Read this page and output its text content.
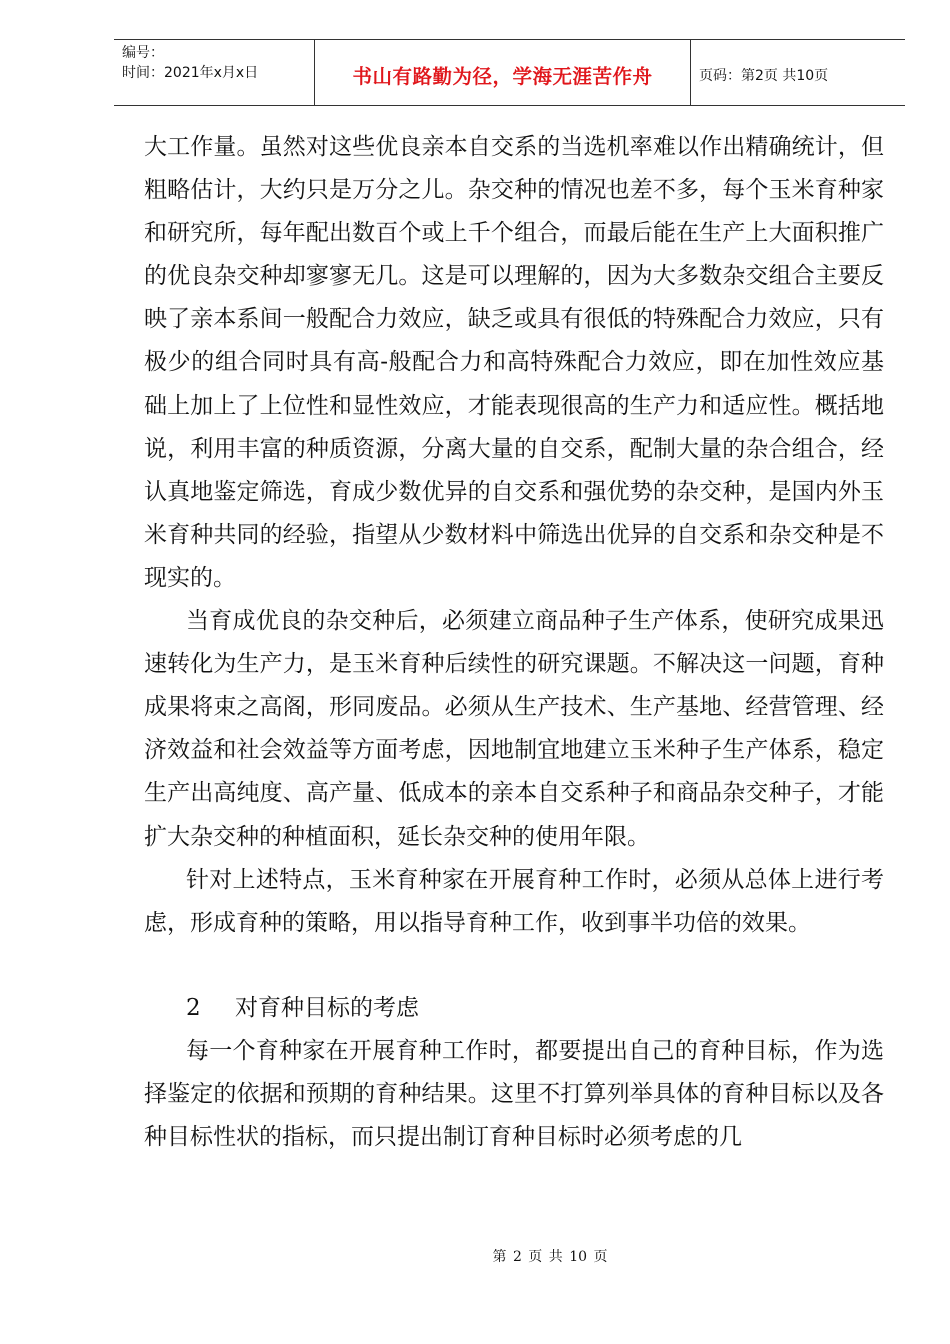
编号：
时间：2021年x月x日	书山有路勤为径，学海无涯苦作舟	页码：第2页 共10页

大工作量。虽然对这些优良亲本自交系的当选机率难以作出精确统计，但粗略估计，大约只是万分之儿。杂交种的情况也差不多，每个玉米育种家和研究所，每年配出数百个或上千个组合，而最后能在生产上大面积推广的优良杂交种却寥寥无几。这是可以理解的，因为大多数杂交组合主要反映了亲本系间一般配合力效应，缺乏或具有很低的特殊配合力效应，只有极少的组合同时具有高-般配合力和高特殊配合力效应，即在加性效应基础上加上了上位性和显性效应，才能表现很高的生产力和适应性。概括地说，利用丰富的种质资源，分离大量的自交系，配制大量的杂合组合，经认真地鉴定筛选，育成少数优异的自交系和强优势的杂交种，是国内外玉米育种共同的经验，指望从少数材料中筛选出优异的自交系和杂交种是不现实的。

当育成优良的杂交种后，必须建立商品种子生产体系，使研究成果迅速转化为生产力，是玉米育种后续性的研究课题。不解决这一问题，育种成果将束之高阁，形同废品。必须从生产技术、生产基地、经营管理、经济效益和社会效益等方面考虑，因地制宜地建立玉米种子生产体系，稳定生产出高纯度、高产量、低成本的亲本自交系种子和商品杂交种子，才能扩大杂交种的种植面积，延长杂交种的使用年限。

针对上述特点，玉米育种家在开展育种工作时，必须从总体上进行考虑，形成育种的策略，用以指导育种工作，收到事半功倍的效果。

2	对育种目标的考虑

每一个育种家在开展育种工作时，都要提出自己的育种目标，作为选择鉴定的依据和预期的育种结果。这里不打算列举具体的育种目标以及各种目标性状的指标，而只提出制订育种目标时必须考虑的几

第 2 页 共 10 页
